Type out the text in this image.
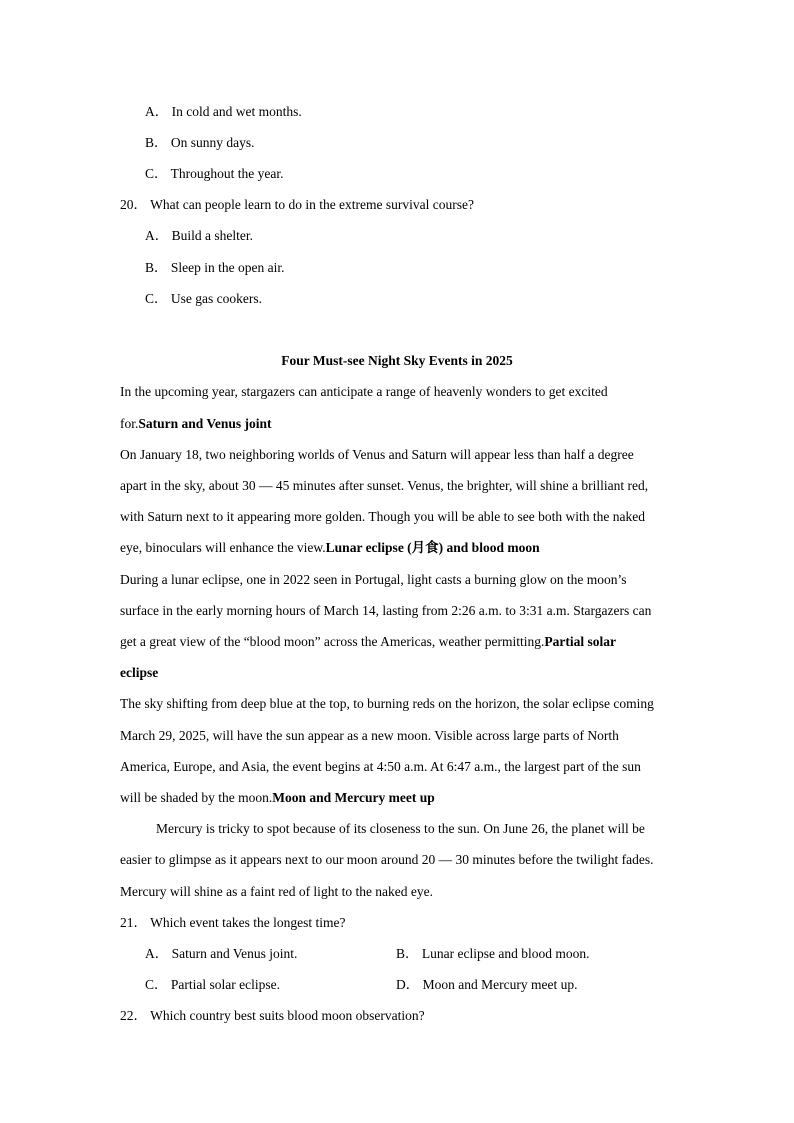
A． In cold and wet months.
B． On sunny days.
C． Throughout the year.
20． What can people learn to do in the extreme survival course?
A． Build a shelter.
B． Sleep in the open air.
C． Use gas cookers.
Four Must-see Night Sky Events in 2025
In the upcoming year, stargazers can anticipate a range of heavenly wonders to get excited
for.Saturn and Venus joint
On January 18, two neighboring worlds of Venus and Saturn will appear less than half a degree
apart in the sky, about 30 — 45 minutes after sunset. Venus, the brighter, will shine a brilliant red,
with Saturn next to it appearing more golden. Though you will be able to see both with the naked
eye, binoculars will enhance the view.Lunar eclipse (月食) and blood moon
During a lunar eclipse, one in 2022 seen in Portugal, light casts a burning glow on the moon’s
surface in the early morning hours of March 14, lasting from 2:26 a.m. to 3:31 a.m. Stargazers can
get a great view of the “blood moon” across the Americas, weather permitting.Partial solar
eclipse
The sky shifting from deep blue at the top, to burning reds on the horizon, the solar eclipse coming
March 29, 2025, will have the sun appear as a new moon. Visible across large parts of North
America, Europe, and Asia, the event begins at 4:50 a.m. At 6:47 a.m., the largest part of the sun
will be shaded by the moon.Moon and Mercury meet up
Mercury is tricky to spot because of its closeness to the sun. On June 26, the planet will be
easier to glimpse as it appears next to our moon around 20 — 30 minutes before the twilight fades.
Mercury will shine as a faint red of light to the naked eye.
21． Which event takes the longest time?
A． Saturn and Venus joint.	B． Lunar eclipse and blood moon.
C． Partial solar eclipse.	D． Moon and Mercury meet up.
22． Which country best suits blood moon observation?
